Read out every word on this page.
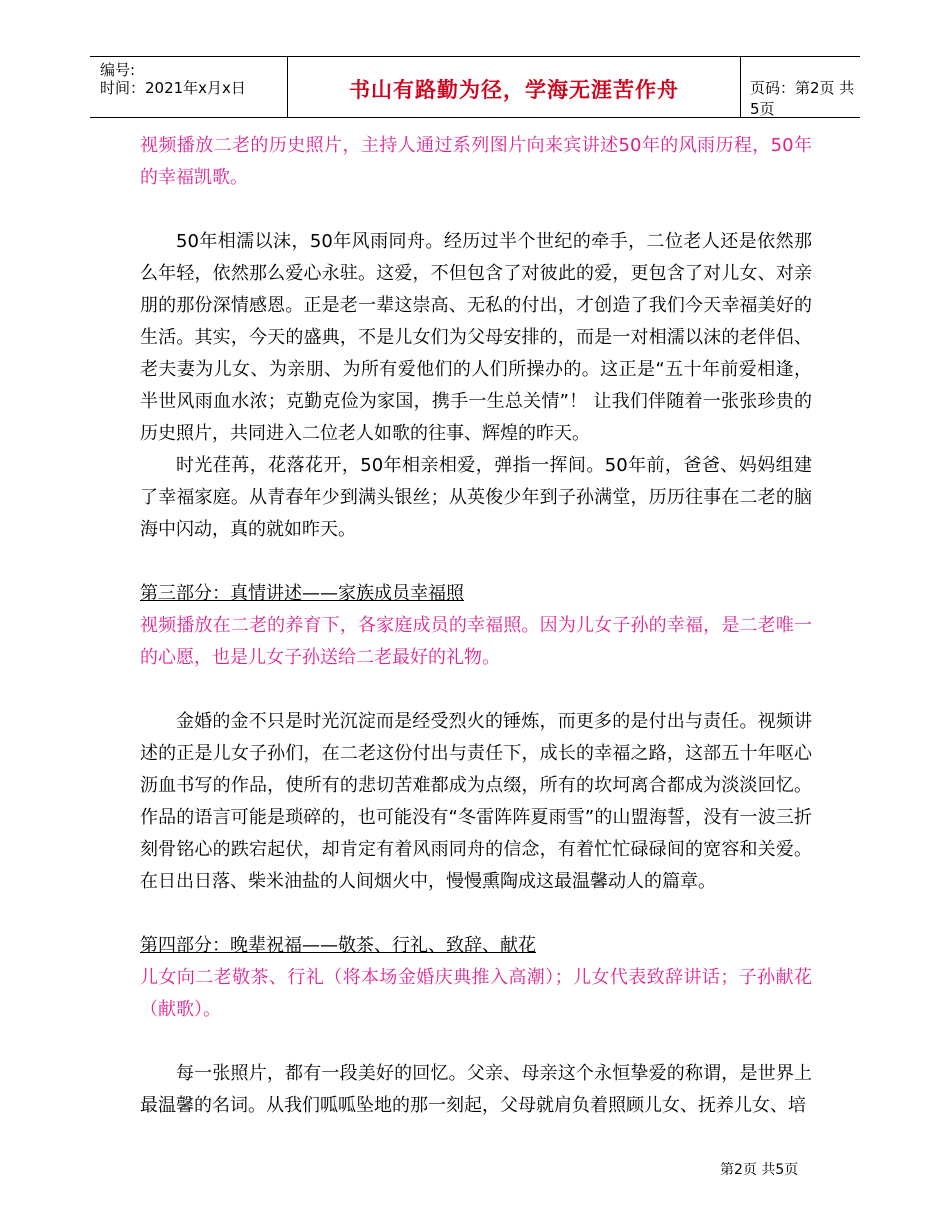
编号:
时间：2021年x月x日	书山有路勤为径，学海无涯苦作舟	页码：第2页 共5页

视频播放二老的历史照片，主持人通过系列图片向来宾讲述50年的风雨历程，50年的幸福凯歌。

50年相濡以沫，50年风雨同舟。经历过半个世纪的牵手，二位老人还是依然那么年轻，依然那么爱心永驻。这爱，不但包含了对彼此的爱，更包含了对儿女、对亲朋的那份深情感恩。正是老一辈这崇高、无私的付出，才创造了我们今天幸福美好的生活。其实，今天的盛典，不是儿女们为父母安排的，而是一对相濡以沫的老伴侣、老夫妻为儿女、为亲朋、为所有爱他们的人们所操办的。这正是“五十年前爱相逢，半世风雨血水浓；克勤克俭为家国，携手一生总关情”！ 让我们伴随着一张张珍贵的历史照片，共同进入二位老人如歌的往事、辉煌的昨天。

时光荏苒，花落花开，50年相亲相爱，弹指一挥间。50年前，爸爸、妈妈组建了幸福家庭。从青春年少到满头银丝；从英俊少年到子孙满堂，历历往事在二老的脑海中闪动，真的就如昨天。

第三部分：真情讲述——家族成员幸福照

视频播放在二老的养育下，各家庭成员的幸福照。因为儿女子孙的幸福，是二老唯一的心愿，也是儿女子孙送给二老最好的礼物。

金婚的金不只是时光沉淀而是经受烈火的锤炼，而更多的是付出与责任。视频讲述的正是儿女子孙们，在二老这份付出与责任下，成长的幸福之路，这部五十年呕心沥血书写的作品，使所有的悲切苦难都成为点缀，所有的坎坷离合都成为淡淡回忆。作品的语言可能是琐碎的，也可能没有“冬雷阵阵夏雨雪”的山盟海誓，没有一波三折刻骨铭心的跌宕起伏，却肯定有着风雨同舟的信念，有着忙忙碌碌间的宽容和关爱。在日出日落、柴米油盐的人间烟火中，慢慢熏陶成这最温馨动人的篇章。

第四部分：晚辈祝福——敬茶、行礼、致辞、献花

儿女向二老敬茶、行礼（将本场金婚庆典推入高潮）；儿女代表致辞讲话；子孙献花（献歌）。

每一张照片，都有一段美好的回忆。父亲、母亲这个永恒挚爱的称谓，是世界上最温馨的名词。从我们呱呱坠地的那一刻起，父母就肩负着照顾儿女、抚养儿女、培

第2页 共5页
